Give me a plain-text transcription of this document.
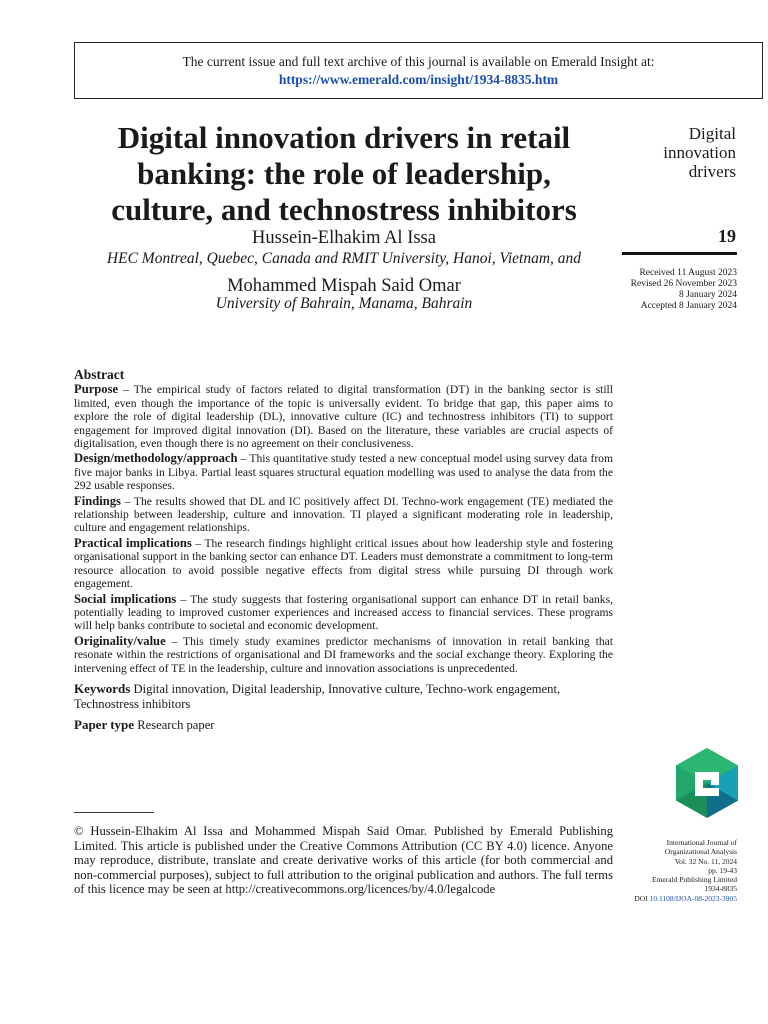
The current issue and full text archive of this journal is available on Emerald Insight at:
https://www.emerald.com/insight/1934-8835.htm
Digital innovation drivers in retail
banking: the role of leadership,
culture, and technostress inhibitors
Hussein-Elhakim Al Issa
HEC Montreal, Quebec, Canada and RMIT University, Hanoi, Vietnam, and
Mohammed Mispah Said Omar
University of Bahrain, Manama, Bahrain
Digital
innovation
drivers
19
Received 11 August 2023
Revised 26 November 2023
8 January 2024
Accepted 8 January 2024
Abstract

Purpose – The empirical study of factors related to digital transformation (DT) in the banking sector is still limited, even though the importance of the topic is universally evident. To bridge that gap, this paper aims to explore the role of digital leadership (DL), innovative culture (IC) and technostress inhibitors (TI) to support engagement for improved digital innovation (DI). Based on the literature, these variables are crucial aspects of digitalisation, even though there is no agreement on their conclusiveness.

Design/methodology/approach – This quantitative study tested a new conceptual model using survey data from five major banks in Libya. Partial least squares structural equation modelling was used to analyse the data from the 292 usable responses.

Findings – The results showed that DL and IC positively affect DI. Techno-work engagement (TE) mediated the relationship between leadership, culture and innovation. TI played a significant moderating role in leadership, culture and engagement relationships.

Practical implications – The research findings highlight critical issues about how leadership style and fostering organisational support in the banking sector can enhance DT. Leaders must demonstrate a commitment to long-term resource allocation to avoid possible negative effects from digital stress while pursuing DI through work engagement.

Social implications – The study suggests that fostering organisational support can enhance DT in retail banks, potentially leading to improved customer experiences and increased access to financial services. These programs will help banks contribute to societal and economic development.

Originality/value – This timely study examines predictor mechanisms of innovation in retail banking that resonate within the restrictions of organisational and DI frameworks and the social exchange theory. Exploring the intervening effect of TE in the leadership, culture and innovation associations is unprecedented.

Keywords Digital innovation, Digital leadership, Innovative culture, Techno-work engagement, Technostress inhibitors

Paper type Research paper

© Hussein-Elhakim Al Issa and Mohammed Mispah Said Omar. Published by Emerald Publishing Limited. This article is published under the Creative Commons Attribution (CC BY 4.0) licence. Anyone may reproduce, distribute, translate and create derivative works of this article (for both commercial and non-commercial purposes), subject to full attribution to the original publication and authors. The full terms of this licence may be seen at http://creativecommons.org/licences/by/4.0/legalcode
International Journal of
Organizational Analysis
Vol. 32 No. 11, 2024
pp. 19-43
Emerald Publishing Limited
1934-8835
DOI 10.1108/IJOA-08-2023-3905
